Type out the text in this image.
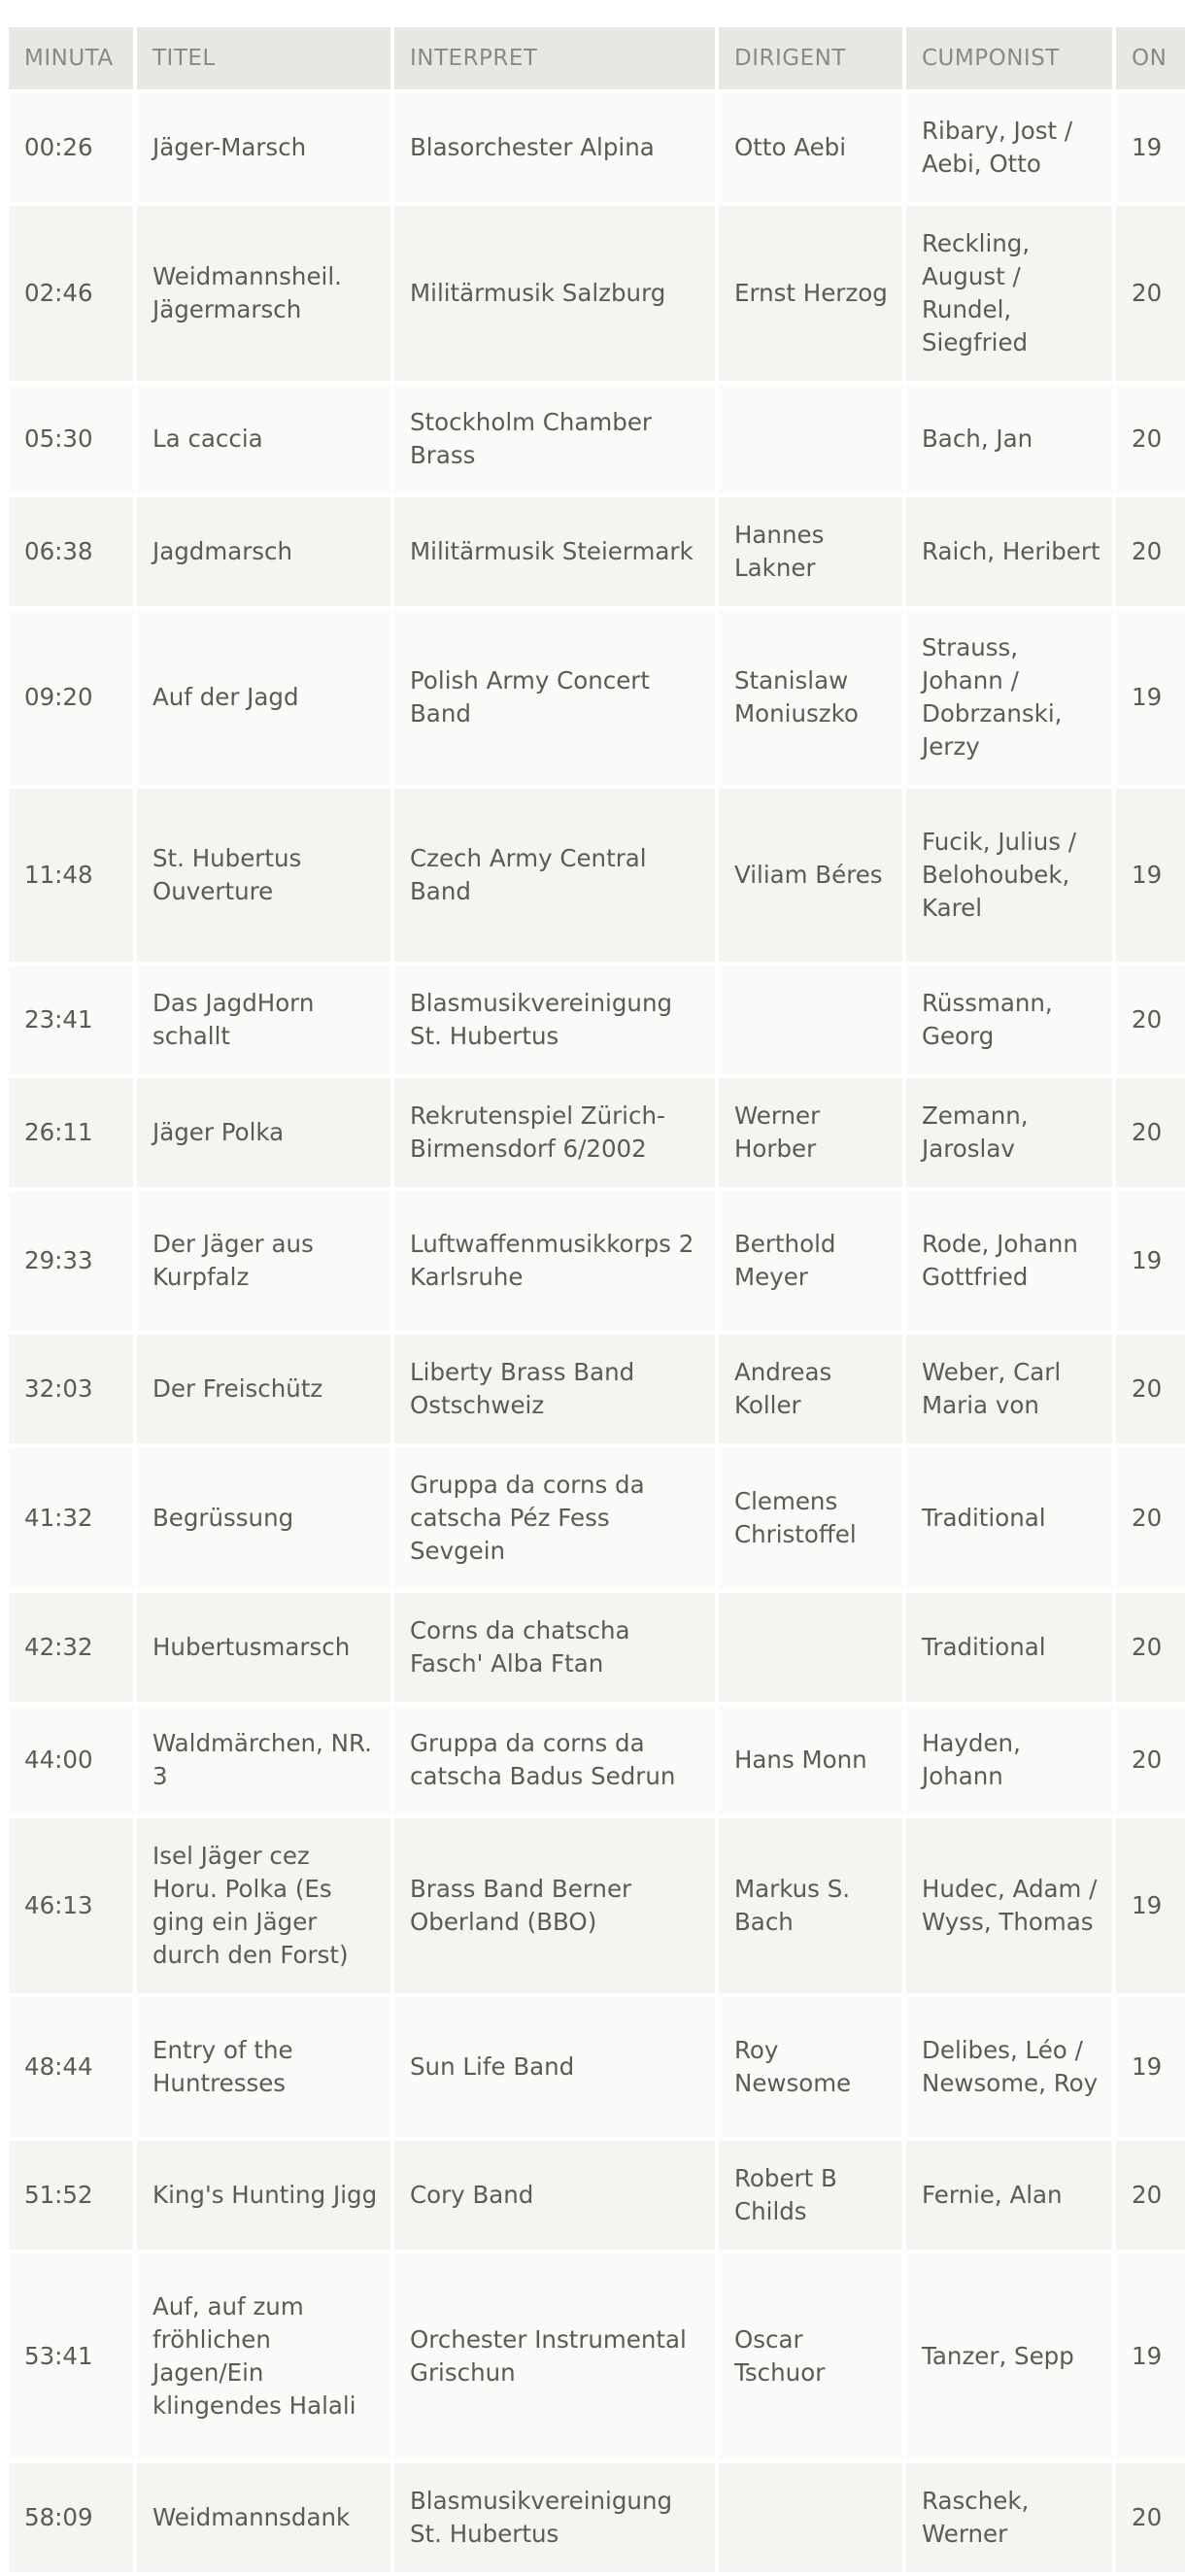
MINUTA	TITEL	INTERPRET	DIRIGENT	CUMPONIST	ON
00:26	Jäger-Marsch	Blasorchester Alpina	Otto Aebi	Ribary, Jost / Aebi, Otto	19
02:46	Weidmannsheil. Jägermarsch	Militärmusik Salzburg	Ernst Herzog	Reckling, August / Rundel, Siegfried	20
05:30	La caccia	Stockholm Chamber Brass		Bach, Jan	20
06:38	Jagdmarsch	Militärmusik Steiermark	Hannes Lakner	Raich, Heribert	20
09:20	Auf der Jagd	Polish Army Concert Band	Stanislaw Moniuszko	Strauss, Johann / Dobrzanski, Jerzy	19
11:48	St. Hubertus Ouverture	Czech Army Central Band	Viliam Béres	Fucik, Julius / Belohoubek, Karel	19
23:41	Das JagdHorn schallt	Blasmusikvereinigung St. Hubertus		Rüssmann, Georg	20
26:11	Jäger Polka	Rekrutenspiel Zürich-Birmensdorf 6/2002	Werner Horber	Zemann, Jaroslav	20
29:33	Der Jäger aus Kurpfalz	Luftwaffenmusikkorps 2 Karlsruhe	Berthold Meyer	Rode, Johann Gottfried	19
32:03	Der Freischütz	Liberty Brass Band Ostschweiz	Andreas Koller	Weber, Carl Maria von	20
41:32	Begrüssung	Gruppa da corns da catscha Péz Fess Sevgein	Clemens Christoffel	Traditional	20
42:32	Hubertusmarsch	Corns da chatscha Fasch' Alba Ftan		Traditional	20
44:00	Waldmärchen, NR. 3	Gruppa da corns da catscha Badus Sedrun	Hans Monn	Hayden, Johann	20
46:13	Isel Jäger cez Horu. Polka (Es ging ein Jäger durch den Forst)	Brass Band Berner Oberland (BBO)	Markus S. Bach	Hudec, Adam / Wyss, Thomas	19
48:44	Entry of the Huntresses	Sun Life Band	Roy Newsome	Delibes, Léo / Newsome, Roy	19
51:52	King's Hunting Jigg	Cory Band	Robert B Childs	Fernie, Alan	20
53:41	Auf, auf zum fröhlichen Jagen/Ein klingendes Halali	Orchester Instrumental Grischun	Oscar Tschuor	Tanzer, Sepp	19
58:09	Weidmannsdank	Blasmusikvereinigung St. Hubertus		Raschek, Werner	20
